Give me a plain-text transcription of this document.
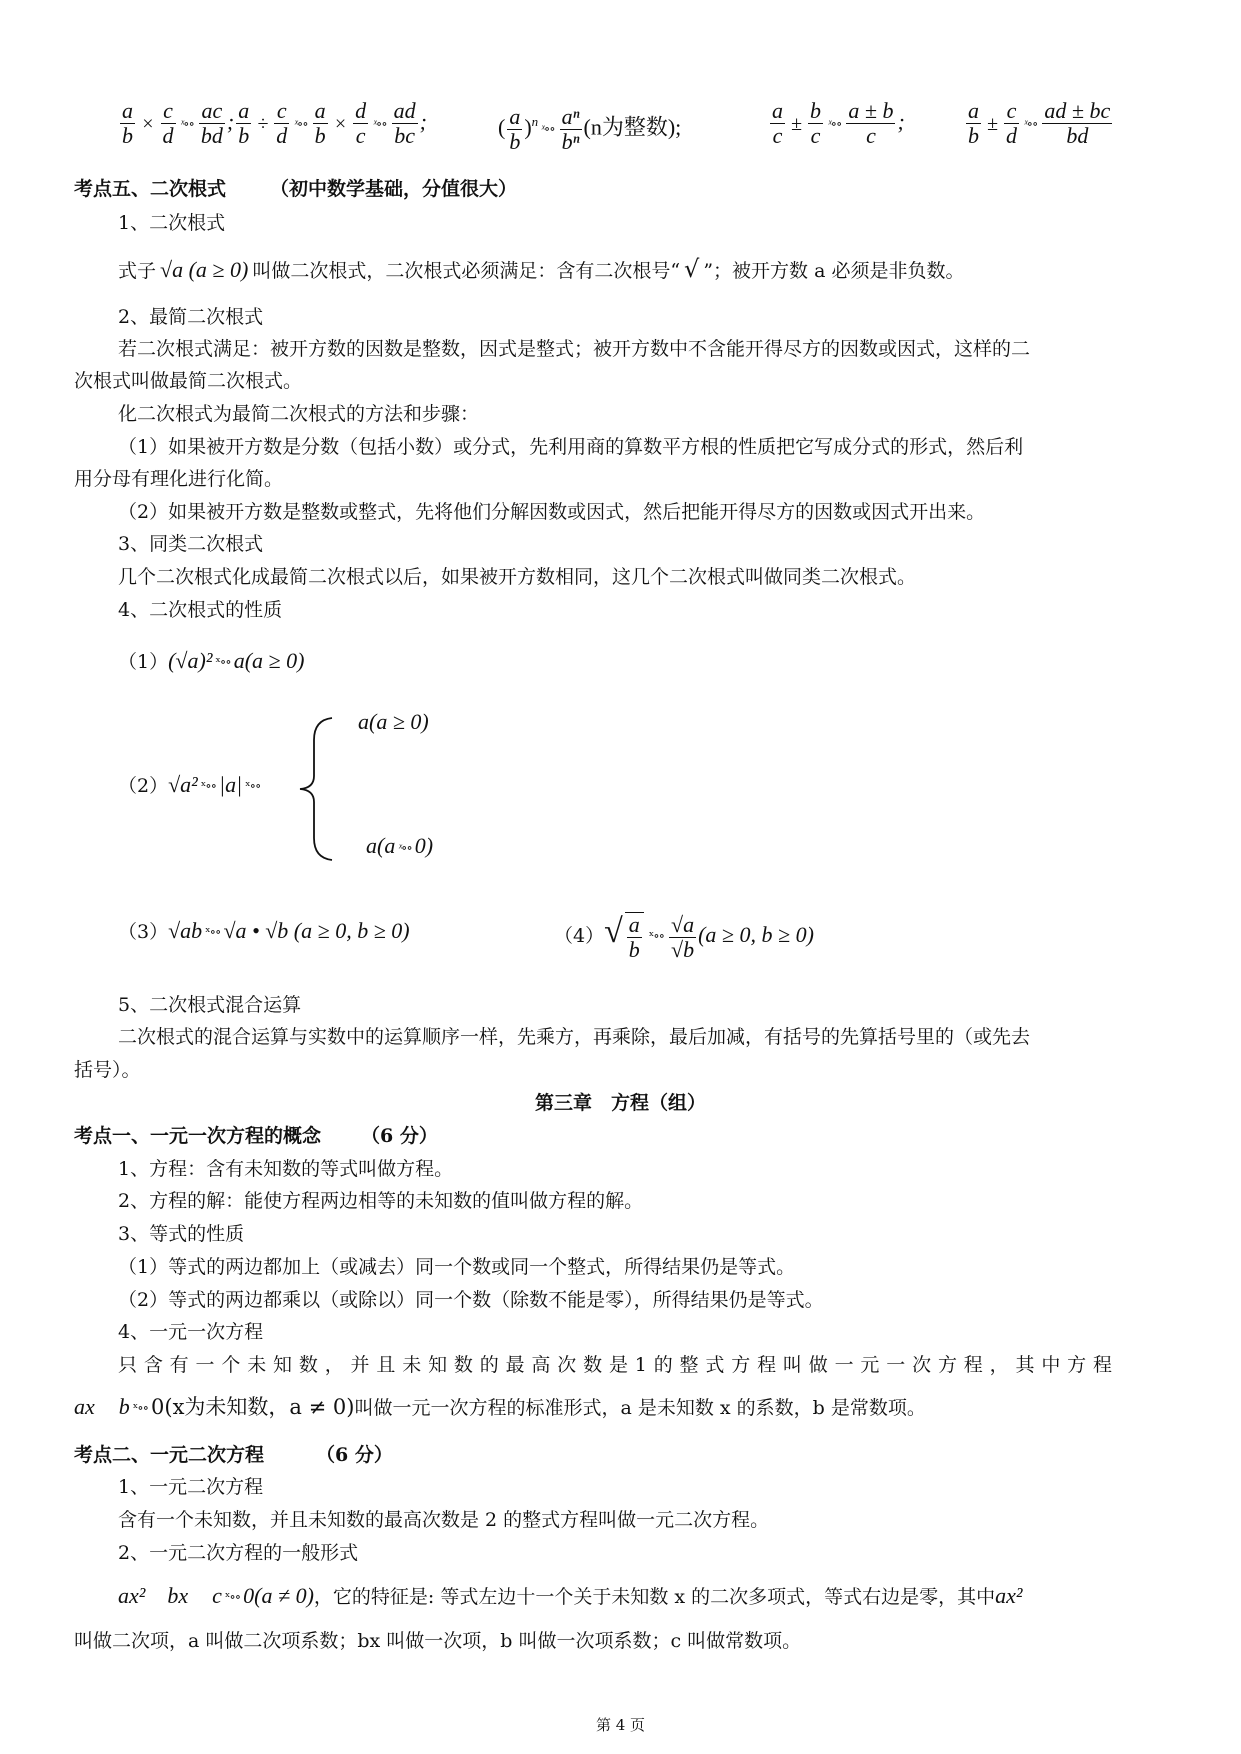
$\frac{a}{b} \times \frac{c}{d}$ ˣ∘∘ $\frac{ac}{bd}$ ; $\frac{a}{b} \div \frac{c}{d}$ ˣ∘∘ $\frac{a}{b} \times \frac{d}{c}$ ˣ∘∘ $\frac{ad}{bc}$ ;	( $\frac{a}{b} )^n$ ˣ∘∘ $\frac{\text{aⁿ}}{\text{bⁿ}} (n$为整数);	$\frac{a}{c} \pm \frac{b}{c}$ ˣ∘∘ $\frac{a \pm b}{c}$ ;	$\frac{a}{b} \pm \frac{c}{d}$ ˣ∘∘ $\frac{ad \pm bc}{bd}$
考点五、二次根式 （初中数学基础，分值很大）
1、二次根式
式子 √a (a ≥ 0) 叫做二次根式，二次根式必须满足：含有二次根号“ √ ”；被开方数 a 必须是非负数。
2、最简二次根式
若二次根式满足：被开方数的因数是整数，因式是整式；被开方数中不含能开得尽方的因数或因式，这样的二
次根式叫做最简二次根式。
化二次根式为最简二次根式的方法和步骤：
（1）如果被开方数是分数（包括小数）或分式，先利用商的算数平方根的性质把它写成分式的形式，然后利
用分母有理化进行化简。
（2）如果被开方数是整数或整式，先将他们分解因数或因式，然后把能开得尽方的因数或因式开出来。
3、同类二次根式
几个二次根式化成最简二次根式以后，如果被开方数相同，这几个二次根式叫做同类二次根式。
4、二次根式的性质
（1）(√a)² ˣ∘∘ a(a ≥ 0)
a(a ≥ 0)
（2）√a² ˣ∘∘ |a| ˣ∘∘
a(a ˣ∘∘ 0)
（3）√ab ˣ∘∘ √a • √b (a ≥ 0, b ≥ 0)	$(4)√ \frac{a}{b}$ ˣ∘∘ $\frac{√a}{√b} (a \ge 0$, b ≥ 0)
5、二次根式混合运算
二次根式的混合运算与实数中的运算顺序一样，先乘方，再乘除，最后加减，有括号的先算括号里的（或先去
括号）。
第三章　方程（组）
考点一、一元一次方程的概念 （6 分）
1、方程：含有未知数的等式叫做方程。
2、方程的解：能使方程两边相等的未知数的值叫做方程的解。
3、等式的性质
（1）等式的两边都加上（或减去）同一个数或同一个整式，所得结果仍是等式。
（2）等式的两边都乘以（或除以）同一个数（除数不能是零），所得结果仍是等式。
4、一元一次方程
只 含 有 一 个 未 知 数 ， 并 且 未 知 数 的 最 高 次 数 是 1 的 整 式 方 程 叫 做 一 元 一 次 方 程 ， 其 中 方 程
ax b ˣ∘∘ 0(x为未知数，a ≠ 0)叫做一元一次方程的标准形式，a 是未知数 x 的系数，b 是常数项。
考点二、一元二次方程	（6 分）
1、一元二次方程
含有一个未知数，并且未知数的最高次数是 2 的整式方程叫做一元二次方程。
2、一元二次方程的一般形式
ax² bx c ˣ∘∘ 0(a ≠ 0)，它的特征是: 等式左边十一个关于未知数 x 的二次多项式，等式右边是零，其中ax²
叫做二次项，a 叫做二次项系数；bx 叫做一次项，b 叫做一次项系数；c 叫做常数项。
第 4 页
